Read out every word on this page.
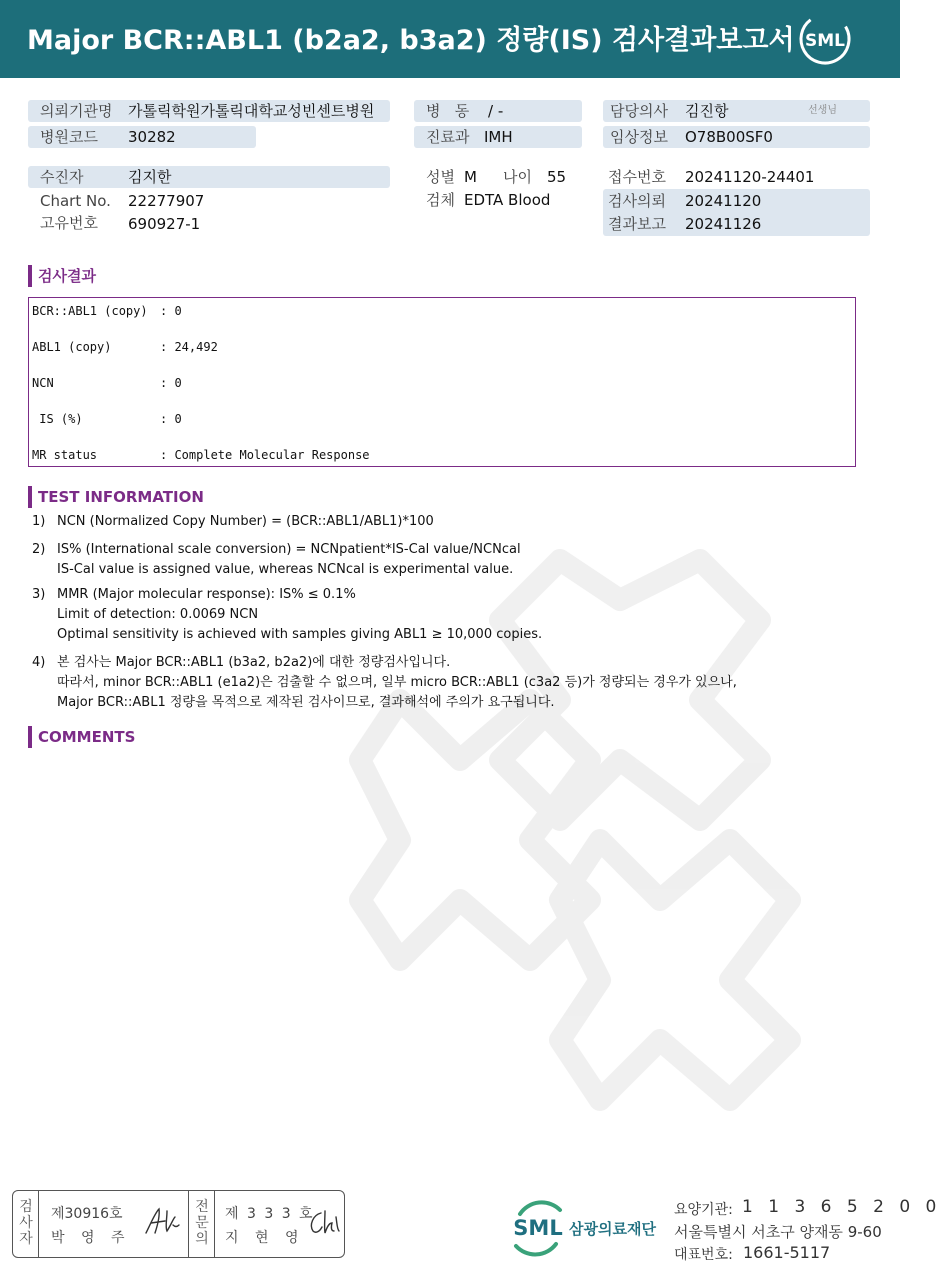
Major BCR::ABL1 (b2a2, b3a2) 정량(IS) 검사결과보고서 SML
의뢰기관명 가톨릭학원가톨릭대학교성빈센트병원
병원코드 30282
병   동 / -
진료과 IMH
담당의사 김진항	선생님
임상정보 O78B00SF0
수진자	김지한
Chart No. 22277907
고유번호 690927-1
성별 M 나이 55
검체 EDTA Blood
접수번호 20241120-24401
검사의뢰 20241120
결과보고 20241126
검사결과
BCR::ABL1 (copy) : 0
ABL1 (copy)	: 24,492
NCN	: 0
IS (%)	: 0
MR status	: Complete Molecular Response
TEST INFORMATION
1) NCN (Normalized Copy Number) = (BCR::ABL1/ABL1)*100
2) IS% (International scale conversion) = NCNpatient*IS-Cal value/NCNcal
IS-Cal value is assigned value, whereas NCNcal is experimental value.
3) MMR (Major molecular response): IS% ≤ 0.1%
Limit of detection: 0.0069 NCN
Optimal sensitivity is achieved with samples giving ABL1 ≥ 10,000 copies.
4) 본 검사는 Major BCR::ABL1 (b3a2, b2a2)에 대한 정량검사입니다.
따라서, minor BCR::ABL1 (e1a2)은 검출할 수 없으며, 일부 micro BCR::ABL1 (c3a2 등)가 정량되는 경우가 있으나,
Major BCR::ABL1 정량을 목적으로 제작된 검사이므로, 결과해석에 주의가 요구됩니다.
COMMENTS
검사자
제30916호
박 영 주
전문의
제 3 3 3 호
지 현 영	SML 삼광의료재단
요양기관: 1 1 3 6 5 2 0 0
서울특별시 서초구 양재동 9-60
대표번호: 1661-5117
